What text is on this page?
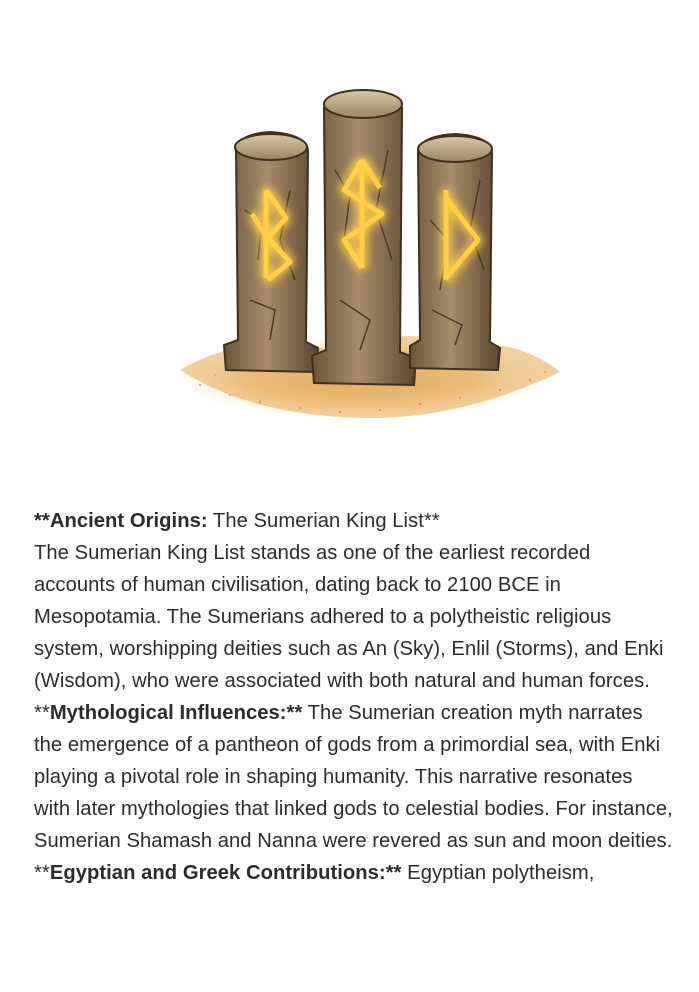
**Ancient Origins: The Sumerian King List**
The Sumerian King List stands as one of the earliest recorded accounts of human civilisation, dating back to 2100 BCE in Mesopotamia. The Sumerians adhered to a polytheistic religious system, worshipping deities such as An (Sky), Enlil (Storms), and Enki (Wisdom), who were associated with both natural and human forces.

**Mythological Influences:** The Sumerian creation myth narrates the emergence of a pantheon of gods from a primordial sea, with Enki playing a pivotal role in shaping humanity. This narrative resonates with later mythologies that linked gods to celestial bodies. For instance, Sumerian Shamash and Nanna were revered as sun and moon deities.

**Egyptian and Greek Contributions:** Egyptian polytheism,
